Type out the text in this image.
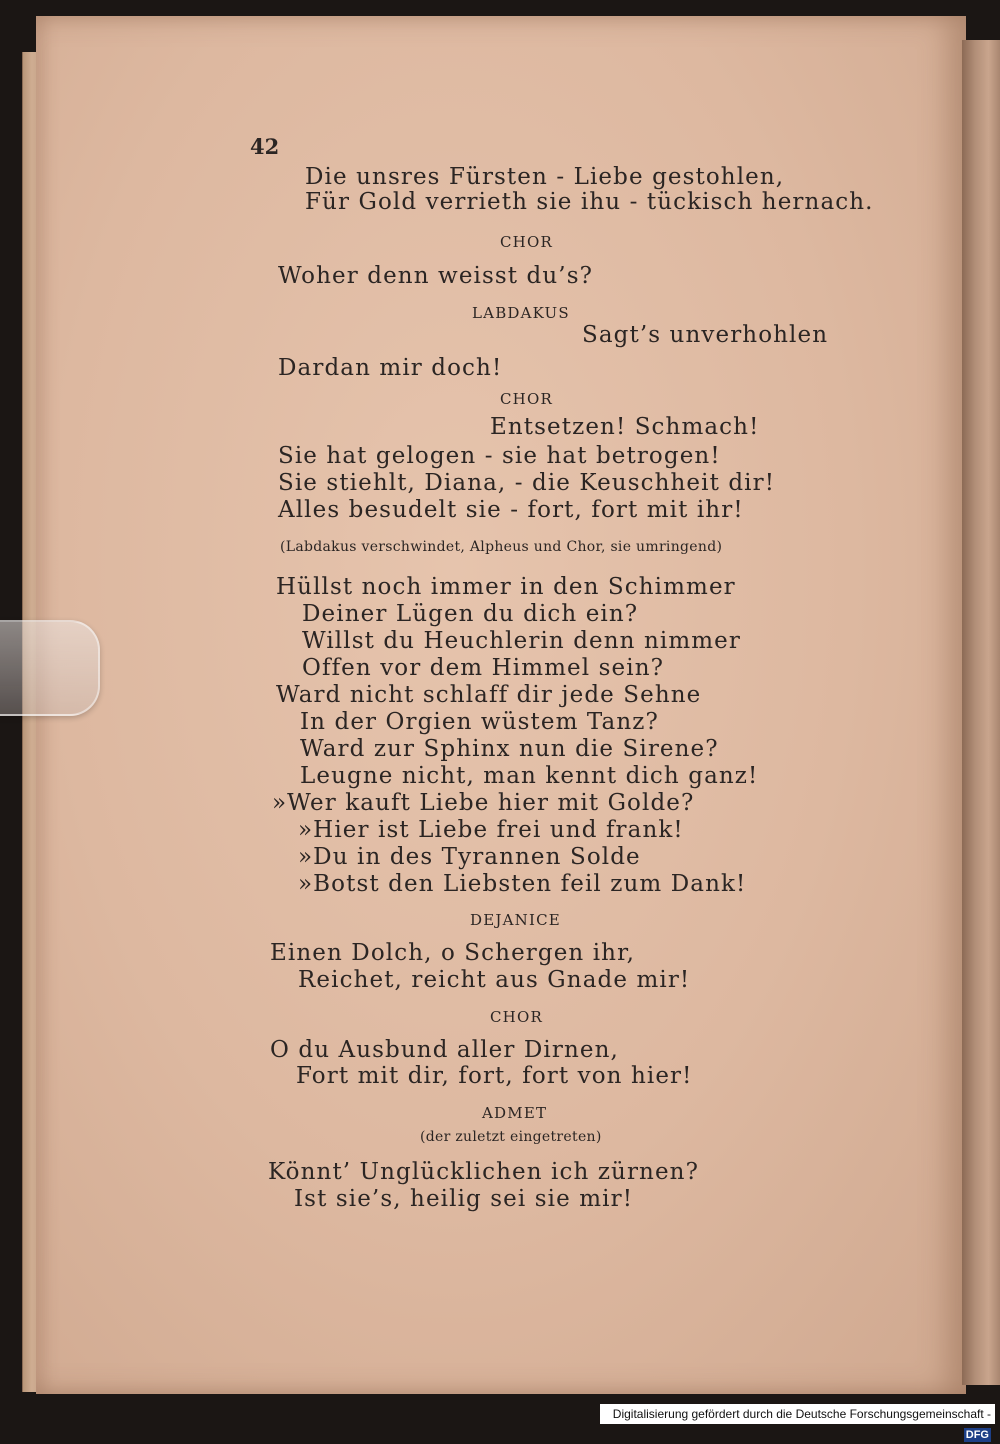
42
Die unsres Fürsten - Liebe gestohlen,
Für Gold verrieth sie ihu - tückisch hernach.
CHOR
Woher denn weisst du’s?
LABDAKUS
Sagt’s unverhohlen
Dardan mir doch!
CHOR
Entsetzen! Schmach!
Sie hat gelogen - sie hat betrogen!
Sie stiehlt, Diana, - die Keuschheit dir!
Alles besudelt sie - fort, fort mit ihr!
(Labdakus verschwindet, Alpheus und Chor, sie umringend)
Hüllst noch immer in den Schimmer
Deiner Lügen du dich ein?
Willst du Heuchlerin denn nimmer
Offen vor dem Himmel sein?
Ward nicht schlaff dir jede Sehne
In der Orgien wüstem Tanz?
Ward zur Sphinx nun die Sirene?
Leugne nicht, man kennt dich ganz!
»Wer kauft Liebe hier mit Golde?
»Hier ist Liebe frei und frank!
»Du in des Tyrannen Solde
»Botst den Liebsten feil zum Dank!
DEJANICE
Einen Dolch, o Schergen ihr,
Reichet, reicht aus Gnade mir!
CHOR
O du Ausbund aller Dirnen,
Fort mit dir, fort, fort von hier!
ADMET
(der zuletzt eingetreten)
Könnt’ Unglücklichen ich zürnen?
Ist sie’s, heilig sei sie mir!
Digitalisierung gefördert durch die Deutsche Forschungsgemeinschaft -DFG
